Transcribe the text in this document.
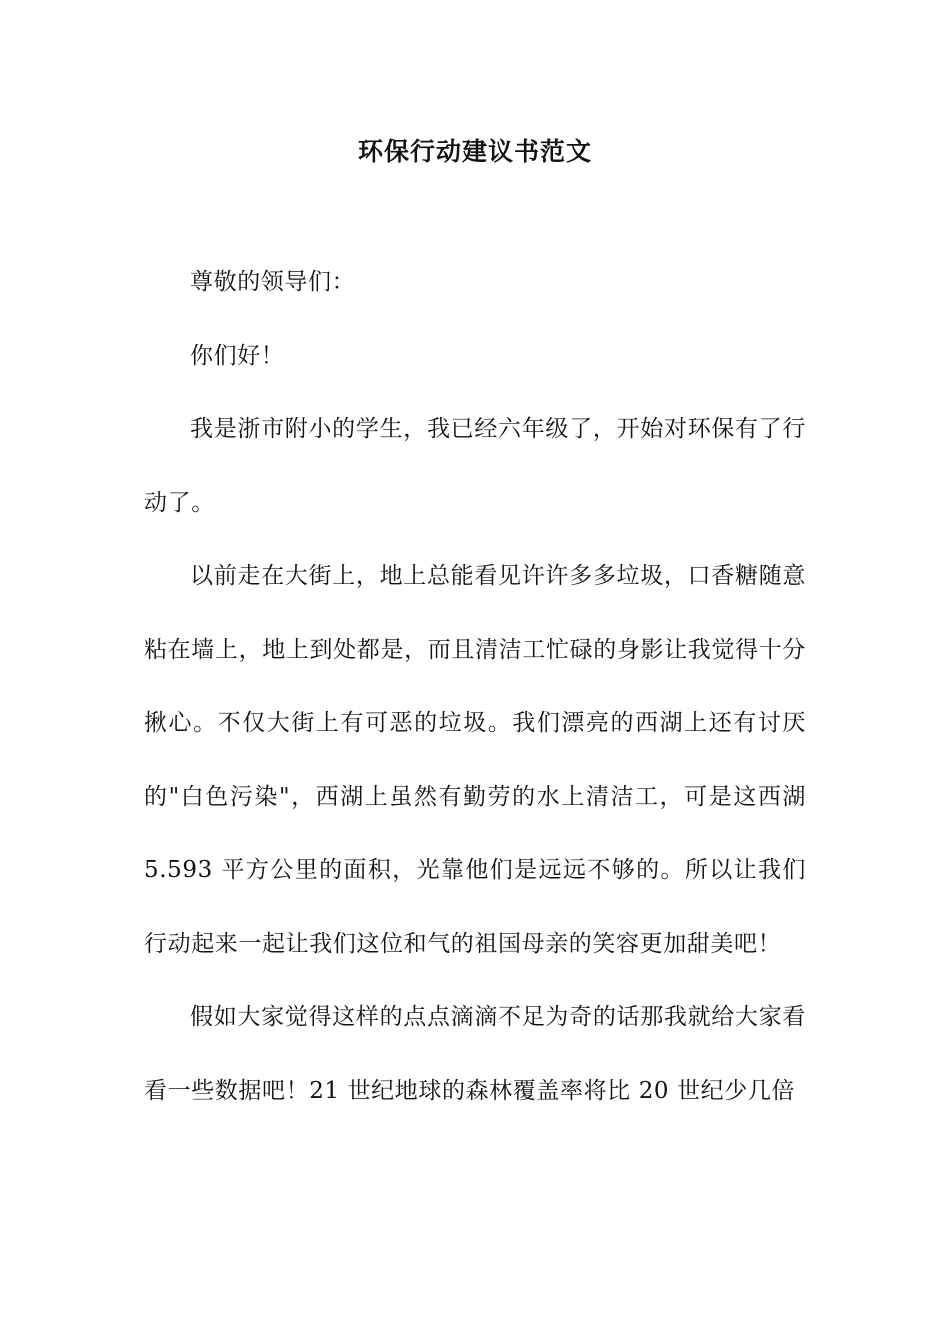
环保行动建议书范文

尊敬的领导们：

你们好！

我是浙市附小的学生，我已经六年级了，开始对环保有了行动了。

以前走在大街上，地上总能看见许许多多垃圾，口香糖随意粘在墙上，地上到处都是，而且清洁工忙碌的身影让我觉得十分揪心。不仅大街上有可恶的垃圾。我们漂亮的西湖上还有讨厌的"白色污染"，西湖上虽然有勤劳的水上清洁工，可是这西湖 5.593 平方公里的面积，光靠他们是远远不够的。所以让我们行动起来一起让我们这位和气的祖国母亲的笑容更加甜美吧！

假如大家觉得这样的点点滴滴不足为奇的话那我就给大家看看一些数据吧！21 世纪地球的森林覆盖率将比 20 世纪少几倍
